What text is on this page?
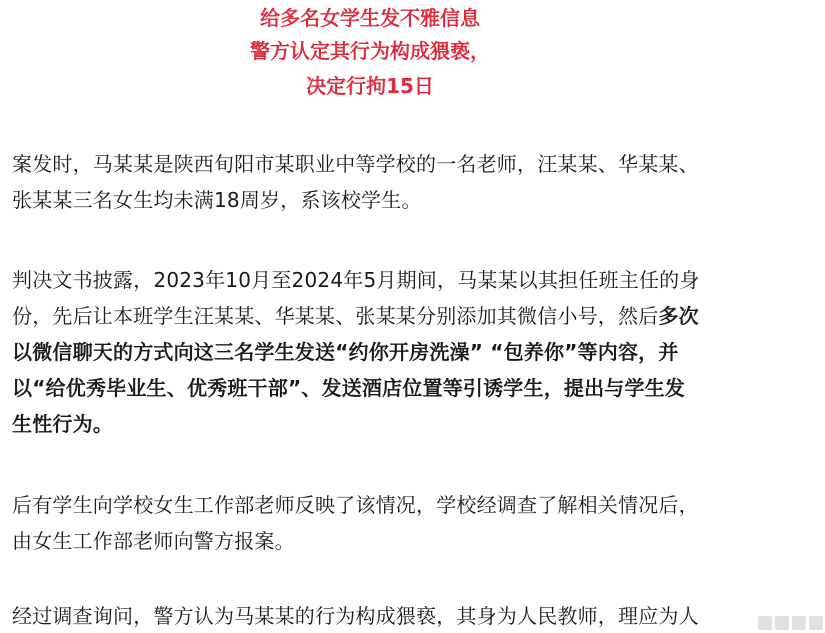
给多名女学生发不雅信息
警方认定其行为构成猥亵，
决定行拘15日
案发时，马某某是陕西旬阳市某职业中等学校的一名老师，汪某某、华某某、
张某某三名女生均未满18周岁，系该校学生。
判决文书披露，2023年10月至2024年5月期间，马某某以其担任班主任的身
份，先后让本班学生汪某某、华某某、张某某分别添加其微信小号，然后多次
以微信聊天的方式向这三名学生发送“约你开房洗澡” “包养你”等内容，并
以“给优秀毕业生、优秀班干部”、发送酒店位置等引诱学生，提出与学生发
生性行为。
后有学生向学校女生工作部老师反映了该情况，学校经调查了解相关情况后，
由女生工作部老师向警方报案。
经过调查询问，警方认为马某某的行为构成猥亵，其身为人民教师，理应为人
